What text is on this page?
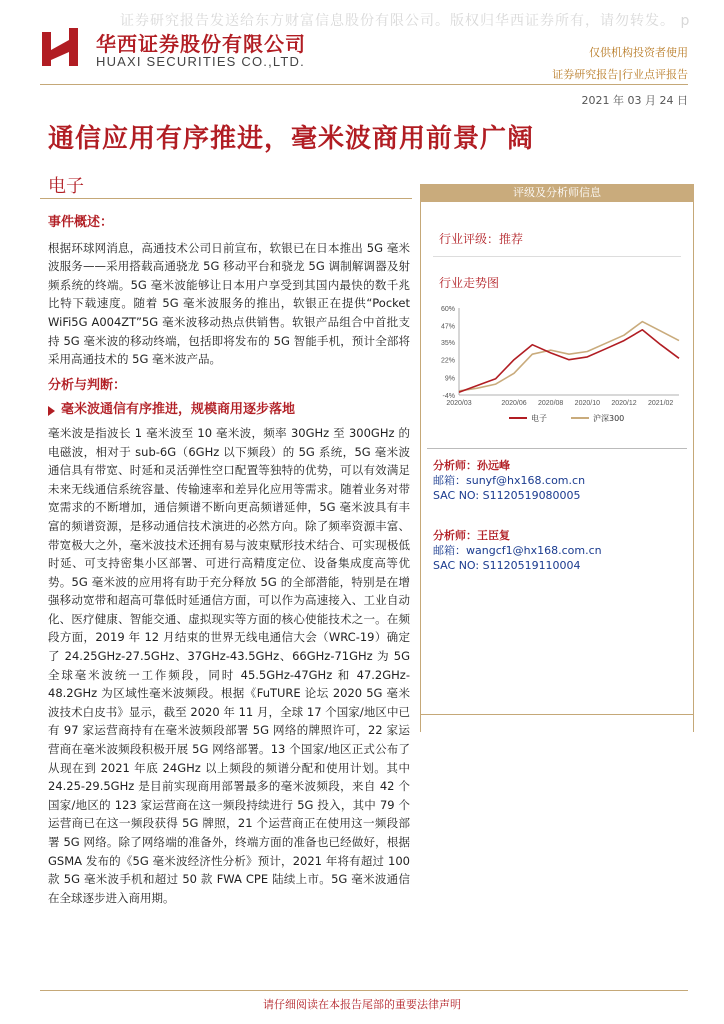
证券研究报告发送给东方财富信息股份有限公司。版权归华西证券所有，请勿转发。 p
华西证券股份有限公司
HUAXI SECURITIES CO.,LTD.
仅供机构投资者使用
证券研究报告|行业点评报告
2021 年 03 月 24 日
通信应用有序推进，毫米波商用前景广阔
电子
事件概述：

根据环球网消息，高通技术公司日前宣布，软银已在日本推出 5G 毫米波服务——采用搭载高通骁龙 5G 移动平台和骁龙 5G 调制解调器及射频系统的终端。5G 毫米波能够让日本用户享受到其国内最快的数千兆比特下载速度。随着 5G 毫米波服务的推出，软银正在提供“Pocket WiFi5G A004ZT”5G 毫米波移动热点供销售。软银产品组合中首批支持 5G 毫米波的移动终端，包括即将发布的 5G 智能手机，预计全部将采用高通技术的 5G 毫米波产品。

分析与判断：
毫米波通信有序推进，规模商用逐步落地

毫米波是指波长 1 毫米波至 10 毫米波，频率 30GHz 至 300GHz 的电磁波，相对于 sub-6G（6GHz 以下频段）的 5G 系统，5G 毫米波通信具有带宽、时延和灵活弹性空口配置等独特的优势，可以有效满足未来无线通信系统容量、传输速率和差异化应用等需求。随着业务对带宽需求的不断增加，通信频谱不断向更高频谱延伸，5G 毫米波具有丰富的频谱资源，是移动通信技术演进的必然方向。除了频率资源丰富、带宽极大之外，毫米波技术还拥有易与波束赋形技术结合、可实现极低时延、可支持密集小区部署、可进行高精度定位、设备集成度高等优势。5G 毫米波的应用将有助于充分释放 5G 的全部潜能，特别是在增强移动宽带和超高可靠低时延通信方面，可以作为高速接入、工业自动化、医疗健康、智能交通、虚拟现实等方面的核心使能技术之一。在频段方面，2019 年 12 月结束的世界无线电通信大会（WRC-19）确定了 24.25GHz-27.5GHz、37GHz-43.5GHz、66GHz-71GHz 为 5G 全球毫米波统一工作频段，同时 45.5GHz-47GHz 和 47.2GHz-48.2GHz 为区域性毫米波频段。根据《FuTURE 论坛 2020 5G 毫米波技术白皮书》显示，截至 2020 年 11 月，全球 17 个国家/地区中已有 97 家运营商持有在毫米波频段部署 5G 网络的牌照许可，22 家运营商在毫米波频段积极开展 5G 网络部署。13 个国家/地区正式公布了从现在到 2021 年底 24GHz 以上频段的频谱分配和使用计划。其中 24.25-29.5GHz 是目前实现商用部署最多的毫米波频段，来自 42 个国家/地区的 123 家运营商在这一频段持续进行 5G 投入，其中 79 个运营商已在这一频段获得 5G 牌照，21 个运营商正在使用这一频段部署 5G 网络。除了网络端的准备外，终端方面的准备也已经做好，根据 GSMA 发布的《5G 毫米波经济性分析》预计，2021 年将有超过 100 款 5G 毫米波手机和超过 50 款 FWA CPE 陆续上市。5G 毫米波通信在全球逐步进入商用期。

评级及分析师信息
行业评级：推荐
行业走势图
-4%
9%
22%
35%
47%
60%
2020/03	2020/06 2020/08 2020/10 2020/12 2021/02
电子	沪深300
分析师：孙远峰
邮箱：sunyf@hx168.com.cn
SAC NO: S1120519080005
分析师：王臣复
邮箱：wangcf1@hx168.com.cn
SAC NO: S1120519110004
请仔细阅读在本报告尾部的重要法律声明
